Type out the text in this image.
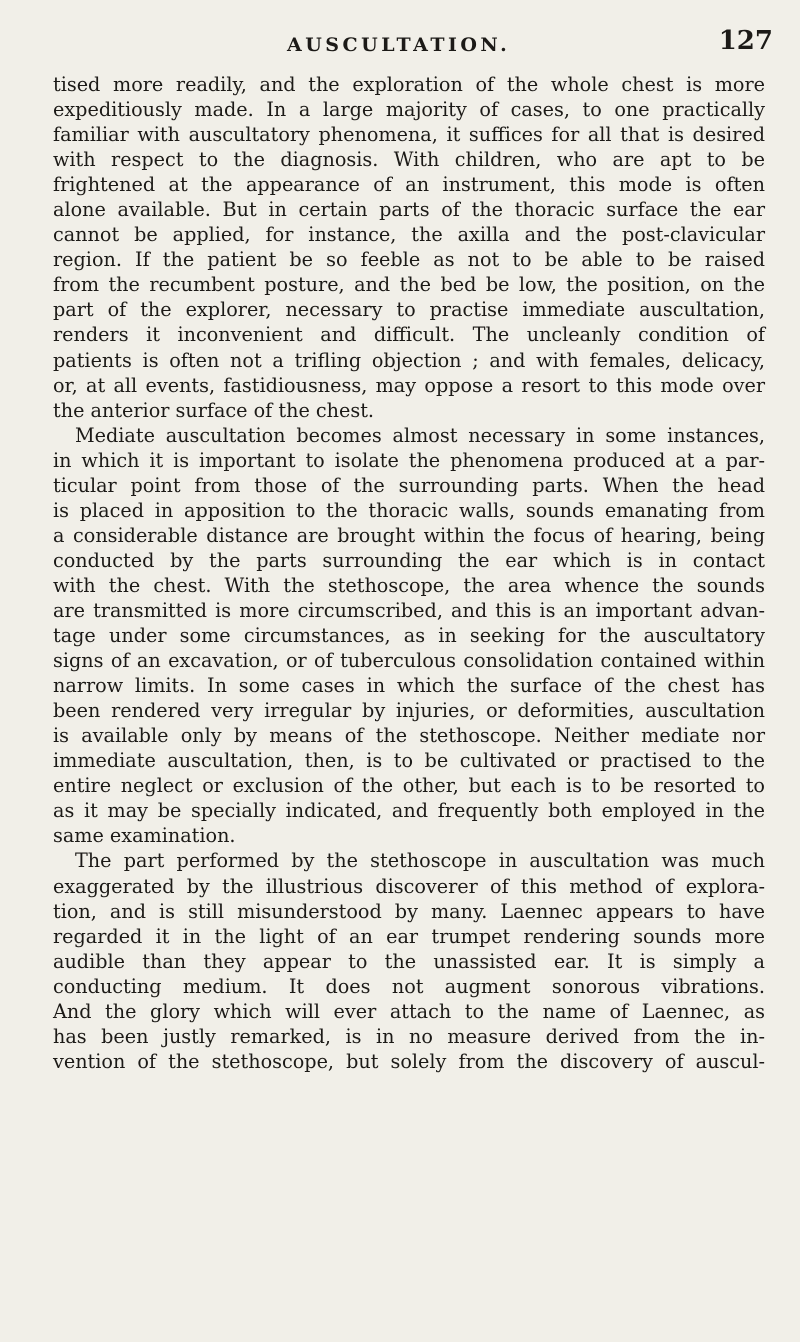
AUSCULTATION.	127
tised more readily, and the exploration of the whole chest is more
expeditiously made. In a large majority of cases, to one practically
familiar with auscultatory phenomena, it suffices for all that is desired
with respect to the diagnosis. With children, who are apt to be
frightened at the appearance of an instrument, this mode is often
alone available. But in certain parts of the thoracic surface the ear
cannot be applied, for instance, the axilla and the post-clavicular
region. If the patient be so feeble as not to be able to be raised
from the recumbent posture, and the bed be low, the position, on the
part of the explorer, necessary to practise immediate auscultation,
renders it inconvenient and difficult. The uncleanly condition of
patients is often not a trifling objection ; and with females, delicacy,
or, at all events, fastidiousness, may oppose a resort to this mode over
the anterior surface of the chest.
Mediate auscultation becomes almost necessary in some instances,
in which it is important to isolate the phenomena produced at a par-
ticular point from those of the surrounding parts. When the head
is placed in apposition to the thoracic walls, sounds emanating from
a considerable distance are brought within the focus of hearing, being
conducted by the parts surrounding the ear which is in contact
with the chest. With the stethoscope, the area whence the sounds
are transmitted is more circumscribed, and this is an important advan-
tage under some circumstances, as in seeking for the auscultatory
signs of an excavation, or of tuberculous consolidation contained within
narrow limits. In some cases in which the surface of the chest has
been rendered very irregular by injuries, or deformities, auscultation
is available only by means of the stethoscope. Neither mediate nor
immediate auscultation, then, is to be cultivated or practised to the
entire neglect or exclusion of the other, but each is to be resorted to
as it may be specially indicated, and frequently both employed in the
same examination.
The part performed by the stethoscope in auscultation was much
exaggerated by the illustrious discoverer of this method of explora-
tion, and is still misunderstood by many. Laennec appears to have
regarded it in the light of an ear trumpet rendering sounds more
audible than they appear to the unassisted ear. It is simply a
conducting medium. It does not augment sonorous vibrations.
And the glory which will ever attach to the name of Laennec, as
has been justly remarked, is in no measure derived from the in-
vention of the stethoscope, but solely from the discovery of auscul-
